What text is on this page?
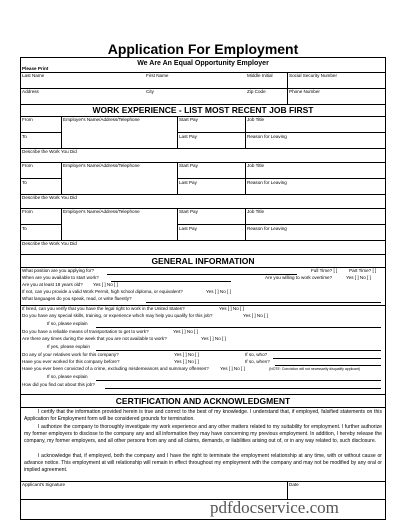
Application For Employment
We Are An Equal Opportunity Employer
Please Print
Last Name	First Name	Middle Initial	Social Security Number
Address	City	Zip Code	Phone Number
WORK EXPERIENCE - LIST MOST RECENT JOB FIRST
From	Employer's Name/Address/Telephone	Start Pay	Job Title
To	Last Pay	Reason for Leaving
Describe the Work You Did
From	Employer's Name/Address/Telephone	Start Pay	Job Title
To	Last Pay	Reason for Leaving
Describe the Work You Did
From	Employer's Name/Address/Telephone	Start Pay	Job Title
To	Last Pay	Reason for Leaving
Describe the Work You Did
GENERAL INFORMATION
What position are you applying for?	Full Time? [ ]	Part Time? [ ]
When are you available to start work?	Are you willing to work overtime?	Yes [ ] No [ ]
Are you at least 18 years old? Yes [ ] No [ ]
If not, can you provide a valid Work Permit, high school diploma, or equivalent?	Yes [ ] No [ ]
What languages do you speak, read, or write fluently?
If hired, can you verify that you have the legal right to work in the United States?	Yes [ ] No [ ]
Do you have any special skills, training, or experience which may help you qualify for this job?	Yes [ ] No [ ]
If so, please explain
Do you have a reliable means of transportation to get to work?	Yes [ ] No [ ]
Are there any times during the week that you are not available to work?	Yes [ ] No [ ]
If yes, please explain
Do any of your relatives work for this company?	Yes [ ] No [ ]	If so, who?
Have you ever worked for this company before?	Yes [ ] No [ ]	If so, when?
Have you ever been convicted of a crime, excluding misdemeanors and summary offenses? Yes [ ] No [ ]	(NOTE: Conviction will not necessarily disqualify applicant)
If so, please explain
How did you find out about this job?
CERTIFICATION AND ACKNOWLEDGMENT
I certify that the information provided herein is true and correct to the best of my knowledge. I understand that, if employed, falsified statements on this Application for Employment form will be considered grounds for termination.
I authorize the company to thoroughly investigate my work experience and any other matters related to my suitability for employment. I further authorize my former employers to disclose to the company any and all information they may have concerning my previous employment. In addition, I hereby release the company, my former employers, and all other persons from any and all claims, demands, or liabilities arising out of, or in any way related to, such disclosure.
I acknowledge that, if employed, both the company and I have the right to terminate the employment relationship at any time, with or without cause or advance notice. This employment at will relationship will remain in effect throughout my employment with the company and may not be modified by any oral or implied agreement.
Applicant's Signature	Date
pdfdocservice.com
